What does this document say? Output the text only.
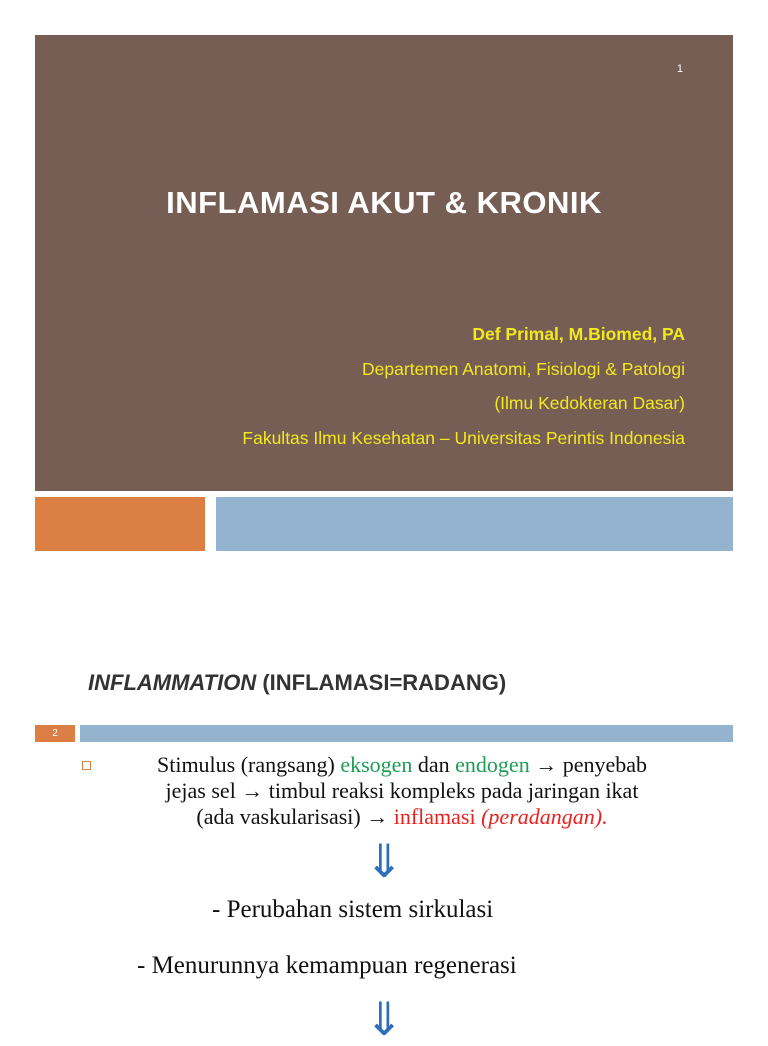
1
INFLAMASI AKUT & KRONIK
Def Primal, M.Biomed, PA
Departemen Anatomi, Fisiologi & Patologi
(Ilmu Kedokteran Dasar)
Fakultas Ilmu Kesehatan – Universitas Perintis Indonesia
INFLAMMATION (INFLAMASI=RADANG)
2
Stimulus (rangsang) eksogen dan endogen → penyebab
jejas sel → timbul reaksi kompleks pada jaringan ikat
(ada vaskularisasi) → inflamasi (peradangan).
⇓
- Perubahan sistem sirkulasi
- Menurunnya kemampuan regenerasi
⇓
